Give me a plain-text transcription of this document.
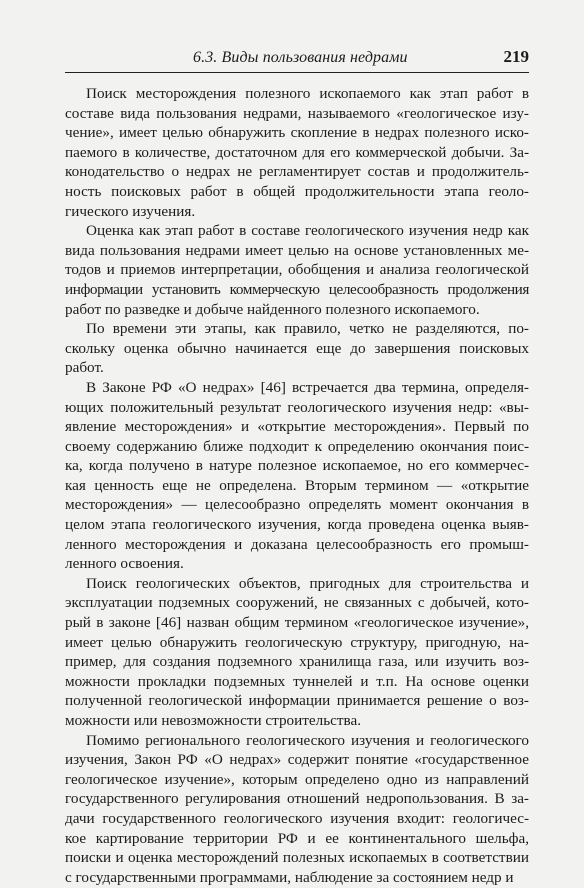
6.3. Виды пользования недрами	219
Поиск месторождения полезного ископаемого как этап работ в
составе вида пользования недрами, называемого «геологическое изу-
чение», имеет целью обнаружить скопление в недрах полезного иско-
паемого в количестве, достаточном для его коммерческой добычи. За-
конодательство о недрах не регламентирует состав и продолжитель-
ность поисковых работ в общей продолжительности этапа геоло-
гического изучения.
Оценка как этап работ в составе геологического изучения недр как
вида пользования недрами имеет целью на основе установленных ме-
тодов и приемов интерпретации, обобщения и анализа геологической
информации установить коммерческую целесообразность продолжения
работ по разведке и добыче найденного полезного ископаемого.
По времени эти этапы, как правило, четко не разделяются, по-
скольку оценка обычно начинается еще до завершения поисковых
работ.
В Законе РФ «О недрах» [46] встречается два термина, определя-
ющих положительный результат геологического изучения недр: «вы-
явление месторождения» и «открытие месторождения». Первый по
своему содержанию ближе подходит к определению окончания поис-
ка, когда получено в натуре полезное ископаемое, но его коммерчес-
кая ценность еще не определена. Вторым термином — «открытие
месторождения» — целесообразно определять момент окончания в
целом этапа геологического изучения, когда проведена оценка выяв-
ленного месторождения и доказана целесообразность его промыш-
ленного освоения.
Поиск геологических объектов, пригодных для строительства и
эксплуатации подземных сооружений, не связанных с добычей, кото-
рый в законе [46] назван общим термином «геологическое изучение»,
имеет целью обнаружить геологическую структуру, пригодную, на-
пример, для создания подземного хранилища газа, или изучить воз-
можности прокладки подземных туннелей и т.п. На основе оценки
полученной геологической информации принимается решение о воз-
можности или невозможности строительства.
Помимо регионального геологического изучения и геологического
изучения, Закон РФ «О недрах» содержит понятие «государственное
геологическое изучение», которым определено одно из направлений
государственного регулирования отношений недропользования. В за-
дачи государственного геологического изучения входит: геологичес-
кое картирование территории РФ и ее континентального шельфа,
поиски и оценка месторождений полезных ископаемых в соответствии
с государственными программами, наблюдение за состоянием недр и
